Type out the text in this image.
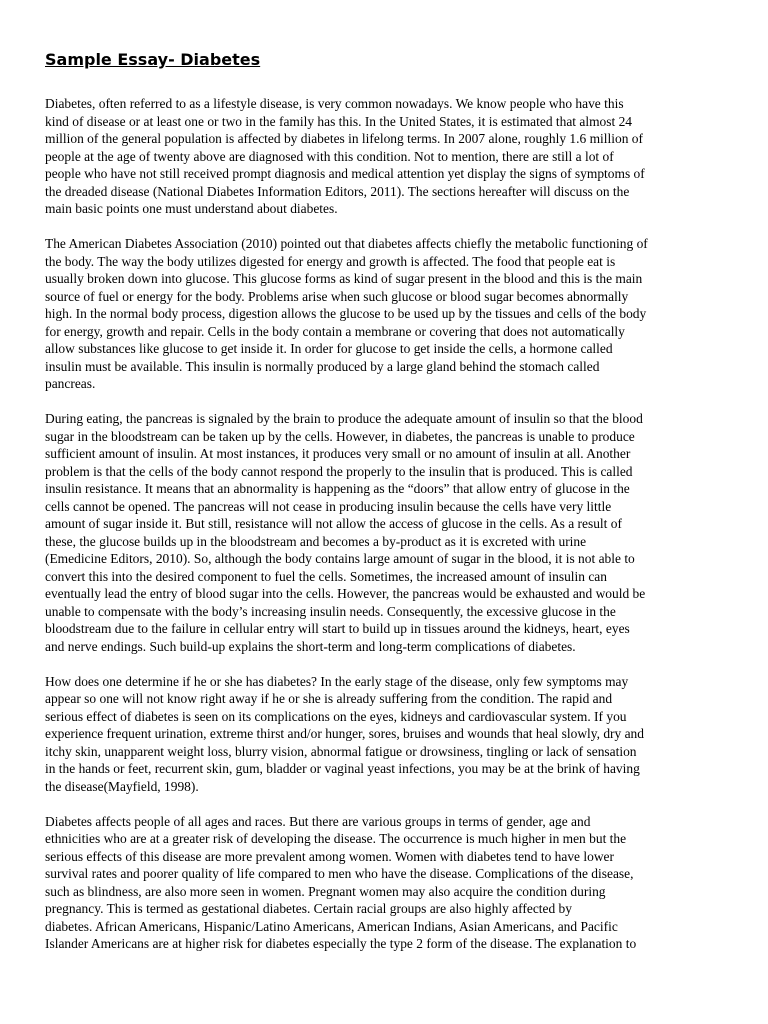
Sample Essay- Diabetes

Diabetes, often referred to as a lifestyle disease, is very common nowadays. We know people who have this
kind of disease or at least one or two in the family has this. In the United States, it is estimated that almost 24
million of the general population is affected by diabetes in lifelong terms. In 2007 alone, roughly 1.6 million of
people at the age of twenty above are diagnosed with this condition. Not to mention, there are still a lot of
people who have not still received prompt diagnosis and medical attention yet display the signs of symptoms of
the dreaded disease (National Diabetes Information Editors, 2011). The sections hereafter will discuss on the
main basic points one must understand about diabetes.

The American Diabetes Association (2010) pointed out that diabetes affects chiefly the metabolic functioning of
the body. The way the body utilizes digested for energy and growth is affected. The food that people eat is
usually broken down into glucose. This glucose forms as kind of sugar present in the blood and this is the main
source of fuel or energy for the body. Problems arise when such glucose or blood sugar becomes abnormally
high. In the normal body process, digestion allows the glucose to be used up by the tissues and cells of the body
for energy, growth and repair. Cells in the body contain a membrane or covering that does not automatically
allow substances like glucose to get inside it. In order for glucose to get inside the cells, a hormone called
insulin must be available. This insulin is normally produced by a large gland behind the stomach called
pancreas.

During eating, the pancreas is signaled by the brain to produce the adequate amount of insulin so that the blood
sugar in the bloodstream can be taken up by the cells. However, in diabetes, the pancreas is unable to produce
sufficient amount of insulin. At most instances, it produces very small or no amount of insulin at all. Another
problem is that the cells of the body cannot respond the properly to the insulin that is produced. This is called
insulin resistance. It means that an abnormality is happening as the “doors” that allow entry of glucose in the
cells cannot be opened. The pancreas will not cease in producing insulin because the cells have very little
amount of sugar inside it. But still, resistance will not allow the access of glucose in the cells. As a result of
these, the glucose builds up in the bloodstream and becomes a by-product as it is excreted with urine
(Emedicine Editors, 2010). So, although the body contains large amount of sugar in the blood, it is not able to
convert this into the desired component to fuel the cells. Sometimes, the increased amount of insulin can
eventually lead the entry of blood sugar into the cells. However, the pancreas would be exhausted and would be
unable to compensate with the body’s increasing insulin needs. Consequently, the excessive glucose in the
bloodstream due to the failure in cellular entry will start to build up in tissues around the kidneys, heart, eyes
and nerve endings. Such build-up explains the short-term and long-term complications of diabetes.

How does one determine if he or she has diabetes? In the early stage of the disease, only few symptoms may
appear so one will not know right away if he or she is already suffering from the condition. The rapid and
serious effect of diabetes is seen on its complications on the eyes, kidneys and cardiovascular system. If you
experience frequent urination, extreme thirst and/or hunger, sores, bruises and wounds that heal slowly, dry and
itchy skin, unapparent weight loss, blurry vision, abnormal fatigue or drowsiness, tingling or lack of sensation
in the hands or feet, recurrent skin, gum, bladder or vaginal yeast infections, you may be at the brink of having
the disease(Mayfield, 1998).

Diabetes affects people of all ages and races. But there are various groups in terms of gender, age and
ethnicities who are at a greater risk of developing the disease. The occurrence is much higher in men but the
serious effects of this disease are more prevalent among women. Women with diabetes tend to have lower
survival rates and poorer quality of life compared to men who have the disease. Complications of the disease,
such as blindness, are also more seen in women. Pregnant women may also acquire the condition during
pregnancy. This is termed as gestational diabetes. Certain racial groups are also highly affected by
diabetes. African Americans, Hispanic/Latino Americans, American Indians, Asian Americans, and Pacific
Islander Americans are at higher risk for diabetes especially the type 2 form of the disease. The explanation to
